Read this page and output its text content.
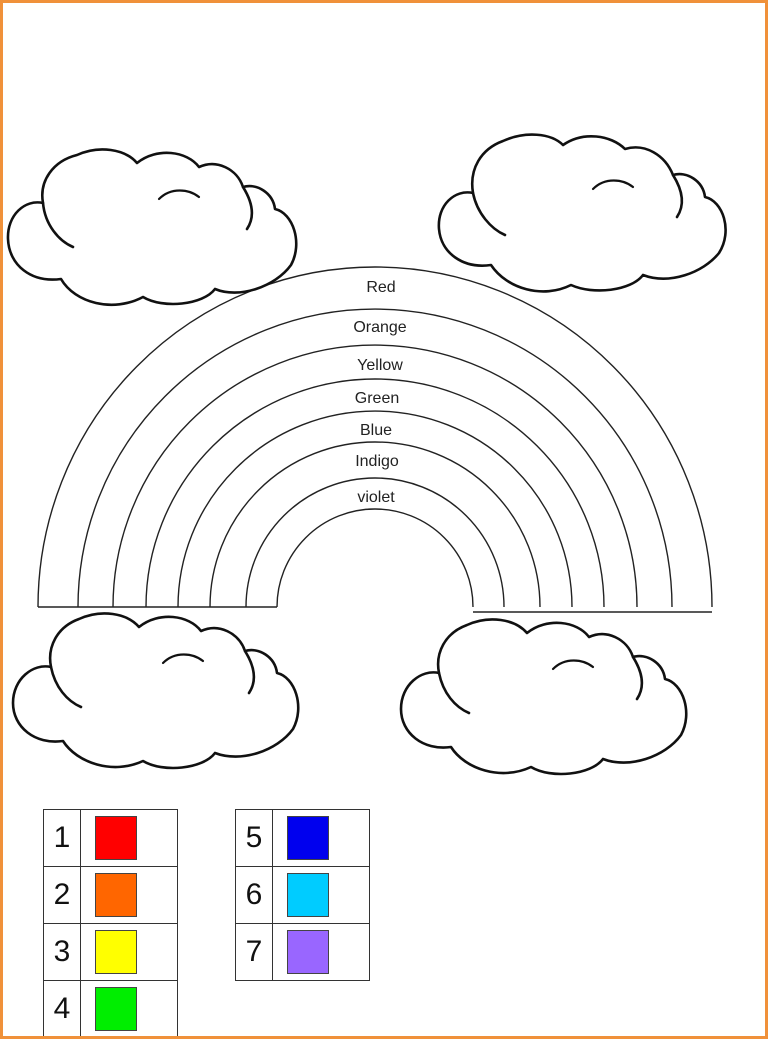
Red
Orange
Yellow
Green
Blue
Indigo
violet
1	

2	

3	

4	
5	

6	

7	
